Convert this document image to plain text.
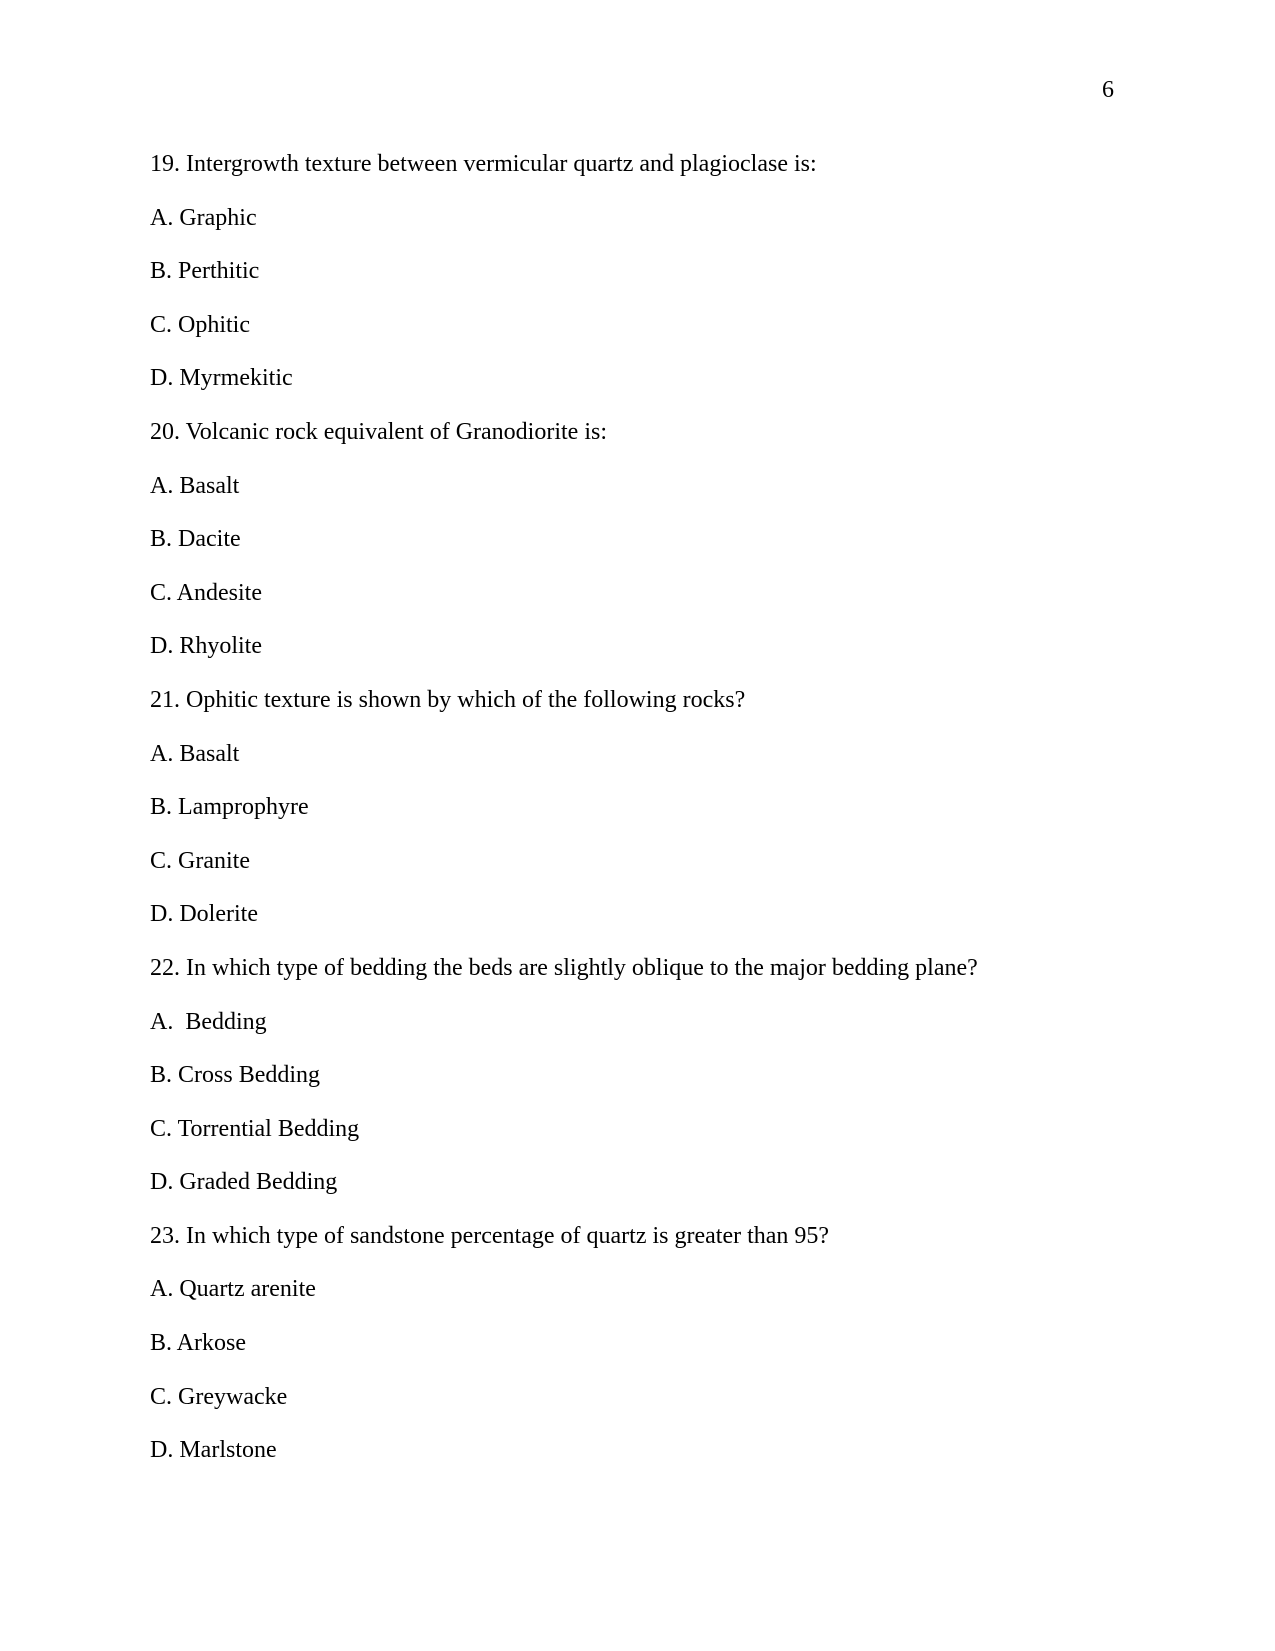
6
19. Intergrowth texture between vermicular quartz and plagioclase is:
A. Graphic
B. Perthitic
C. Ophitic
D. Myrmekitic
20. Volcanic rock equivalent of Granodiorite is:
A. Basalt
B. Dacite
C. Andesite
D. Rhyolite
21. Ophitic texture is shown by which of the following rocks?
A. Basalt
B. Lamprophyre
C. Granite
D. Dolerite
22. In which type of bedding the beds are slightly oblique to the major bedding plane?
A.  Bedding
B. Cross Bedding
C. Torrential Bedding
D. Graded Bedding
23. In which type of sandstone percentage of quartz is greater than 95?
A. Quartz arenite
B. Arkose
C. Greywacke
D. Marlstone
